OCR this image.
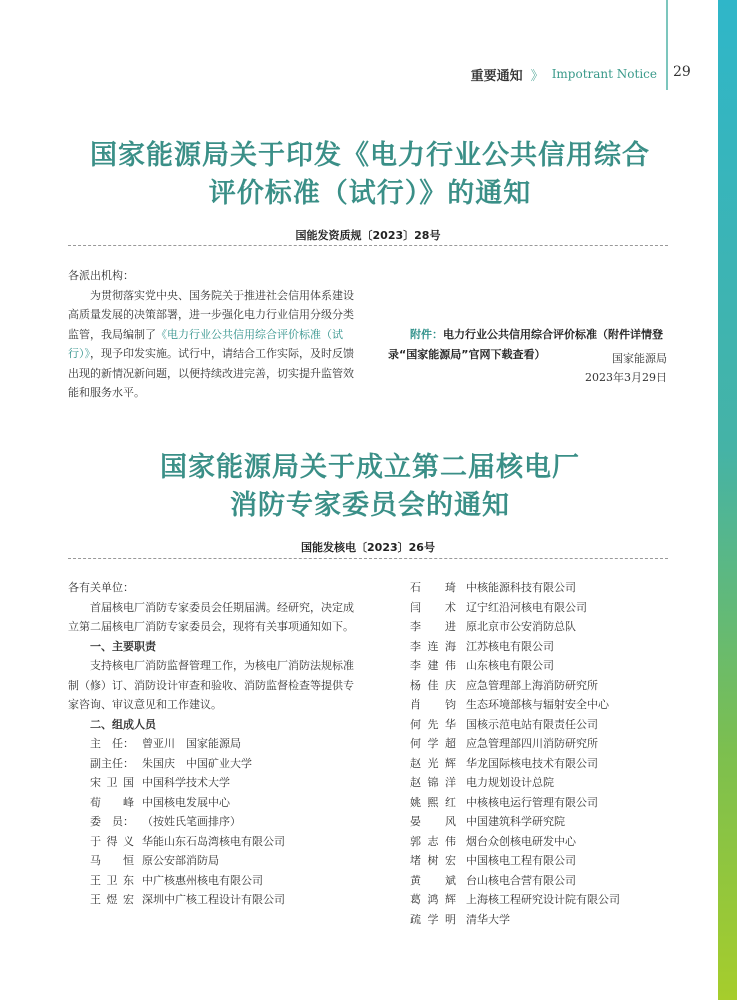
重要通知 》 Impotrant Notice 29
国家能源局关于印发《电力行业公共信用综合
评价标准（试行）》的通知
国能发资质规〔2023〕28号

各派出机构：

为贯彻落实党中央、国务院关于推进社会信用体系建设高质量发展的决策部署，进一步强化电力行业信用分级分类监管，我局编制了《电力行业公共信用综合评价标准（试行）》，现予印发实施。试行中，请结合工作实际，及时反馈出现的新情况新问题，以便持续改进完善，切实提升监管效能和服务水平。

附件：电力行业公共信用综合评价标准（附件详情登录“国家能源局”官网下载查看）	国家能源局
2023年3月29日
国家能源局关于成立第二届核电厂
消防专家委员会的通知
国能发核电〔2023〕26号

各有关单位：

首届核电厂消防专家委员会任期届满。经研究，决定成立第二届核电厂消防专家委员会，现将有关事项通知如下。

一、主要职责

支持核电厂消防监督管理工作，为核电厂消防法规标准制（修）订、消防设计审查和验收、消防监督检查等提供专家咨询、审议意见和工作建议。

二、组成人员

主　任： 曾亚川　国家能源局
副主任： 朱国庆　中国矿业大学
宋卫国 中国科学技术大学
荀　峰 中国核电发展中心
委　员： （按姓氏笔画排序）
于得义 华能山东石岛湾核电有限公司
马　恒 原公安部消防局
王卫东 中广核惠州核电有限公司
王煜宏 深圳中广核工程设计有限公司
石　琦 中核能源科技有限公司
闫　术 辽宁红沿河核电有限公司
李　进 原北京市公安消防总队
李连海 江苏核电有限公司
李建伟 山东核电有限公司
杨佳庆 应急管理部上海消防研究所
肖　钧 生态环境部核与辐射安全中心
何先华 国核示范电站有限责任公司
何学超 应急管理部四川消防研究所
赵光辉 华龙国际核电技术有限公司
赵锦洋 电力规划设计总院
姚熙红 中核核电运行管理有限公司
晏　风 中国建筑科学研究院
郭志伟 烟台众创核电研发中心
堵树宏 中国核电工程有限公司
黄　斌 台山核电合营有限公司
葛鸿辉 上海核工程研究设计院有限公司
疏学明 清华大学
